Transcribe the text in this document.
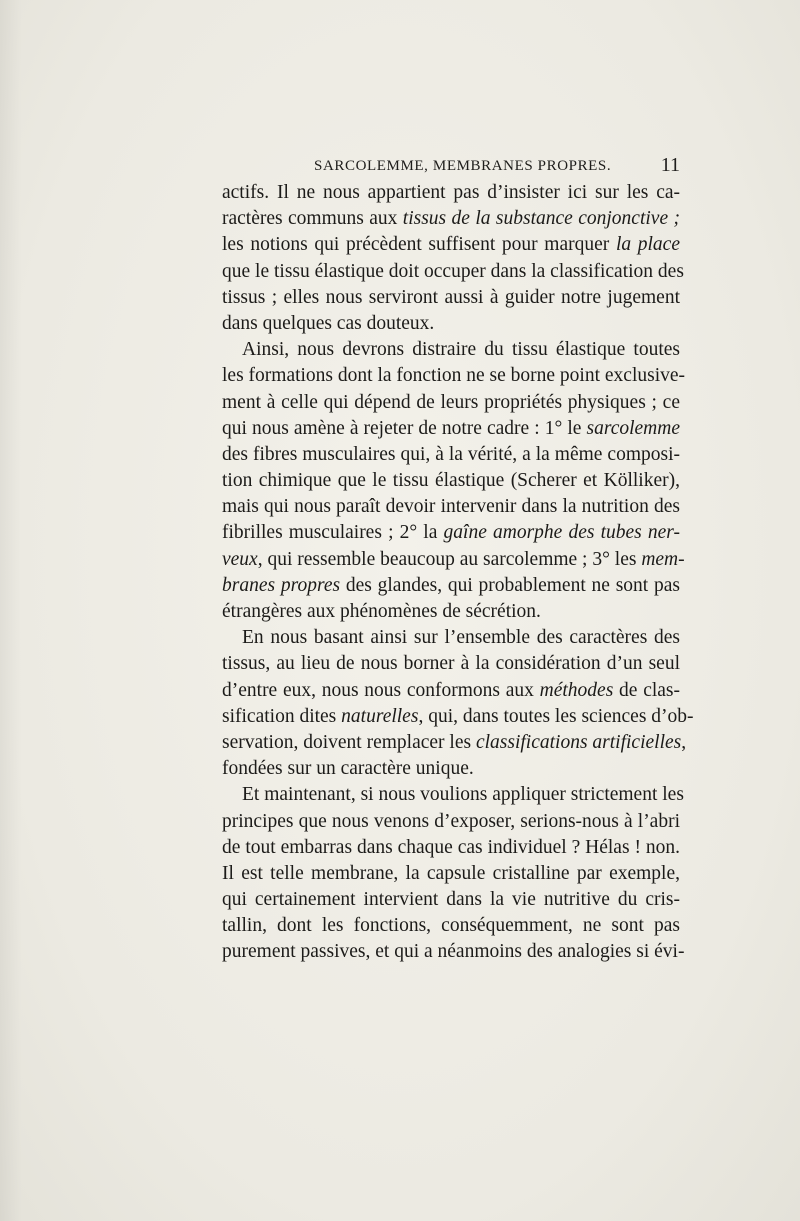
SARCOLEMME, MEMBRANES PROPRES. 11
actifs. Il ne nous appartient pas d’insister ici sur les ca-
ractères communs aux tissus de la substance conjonctive ;
les notions qui précèdent suffisent pour marquer la place
que le tissu élastique doit occuper dans la classification des
tissus ; elles nous serviront aussi à guider notre jugement
dans quelques cas douteux.
Ainsi, nous devrons distraire du tissu élastique toutes
les formations dont la fonction ne se borne point exclusive-
ment à celle qui dépend de leurs propriétés physiques ; ce
qui nous amène à rejeter de notre cadre : 1° le sarcolemme
des fibres musculaires qui, à la vérité, a la même composi-
tion chimique que le tissu élastique (Scherer et Kölliker),
mais qui nous paraît devoir intervenir dans la nutrition des
fibrilles musculaires ; 2° la gaîne amorphe des tubes ner-
veux, qui ressemble beaucoup au sarcolemme ; 3° les mem-
branes propres des glandes, qui probablement ne sont pas
étrangères aux phénomènes de sécrétion.
En nous basant ainsi sur l’ensemble des caractères des
tissus, au lieu de nous borner à la considération d’un seul
d’entre eux, nous nous conformons aux méthodes de clas-
sification dites naturelles, qui, dans toutes les sciences d’ob-
servation, doivent remplacer les classifications artificielles,
fondées sur un caractère unique.
Et maintenant, si nous voulions appliquer strictement les
principes que nous venons d’exposer, serions-nous à l’abri
de tout embarras dans chaque cas individuel ? Hélas ! non.
Il est telle membrane, la capsule cristalline par exemple,
qui certainement intervient dans la vie nutritive du cris-
tallin, dont les fonctions, conséquemment, ne sont pas
purement passives, et qui a néanmoins des analogies si évi-
